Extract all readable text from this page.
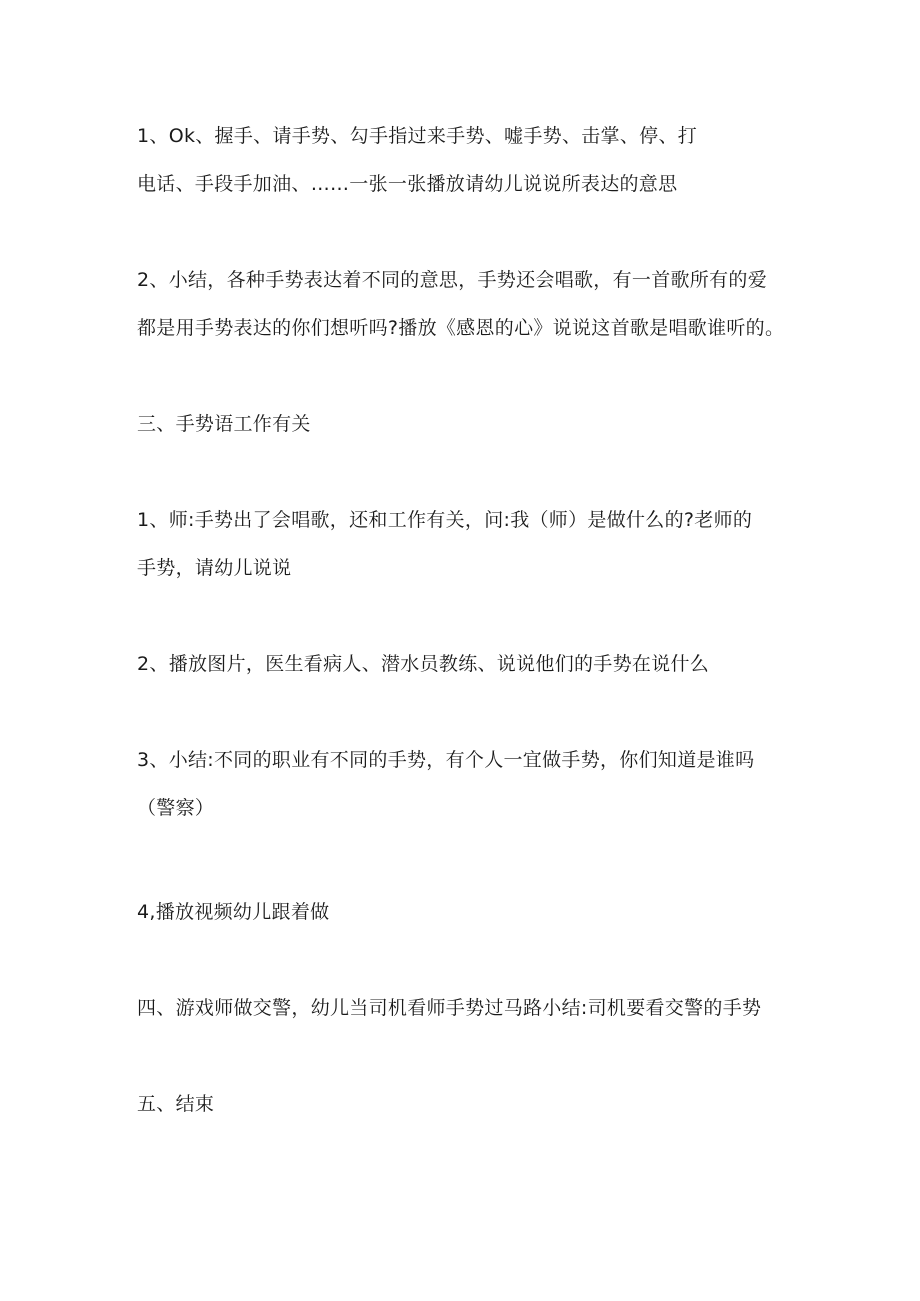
1、Ok、握手、请手势、勾手指过来手势、嘘手势、击掌、停、打
电话、手段手加油、……一张一张播放请幼儿说说所表达的意思
2、小结，各种手势表达着不同的意思，手势还会唱歌，有一首歌所有的爱
都是用手势表达的你们想听吗?播放《感恩的心》说说这首歌是唱歌谁听的。
三、手势语工作有关
1、师:手势出了会唱歌，还和工作有关，问:我（师）是做什么的?老师的
手势，请幼儿说说
2、播放图片，医生看病人、潜水员教练、说说他们的手势在说什么
3、小结:不同的职业有不同的手势，有个人一宜做手势，你们知道是谁吗
（警察）
4,播放视频幼儿跟着做
四、游戏师做交警，幼儿当司机看师手势过马路小结:司机要看交警的手势
五、结束
